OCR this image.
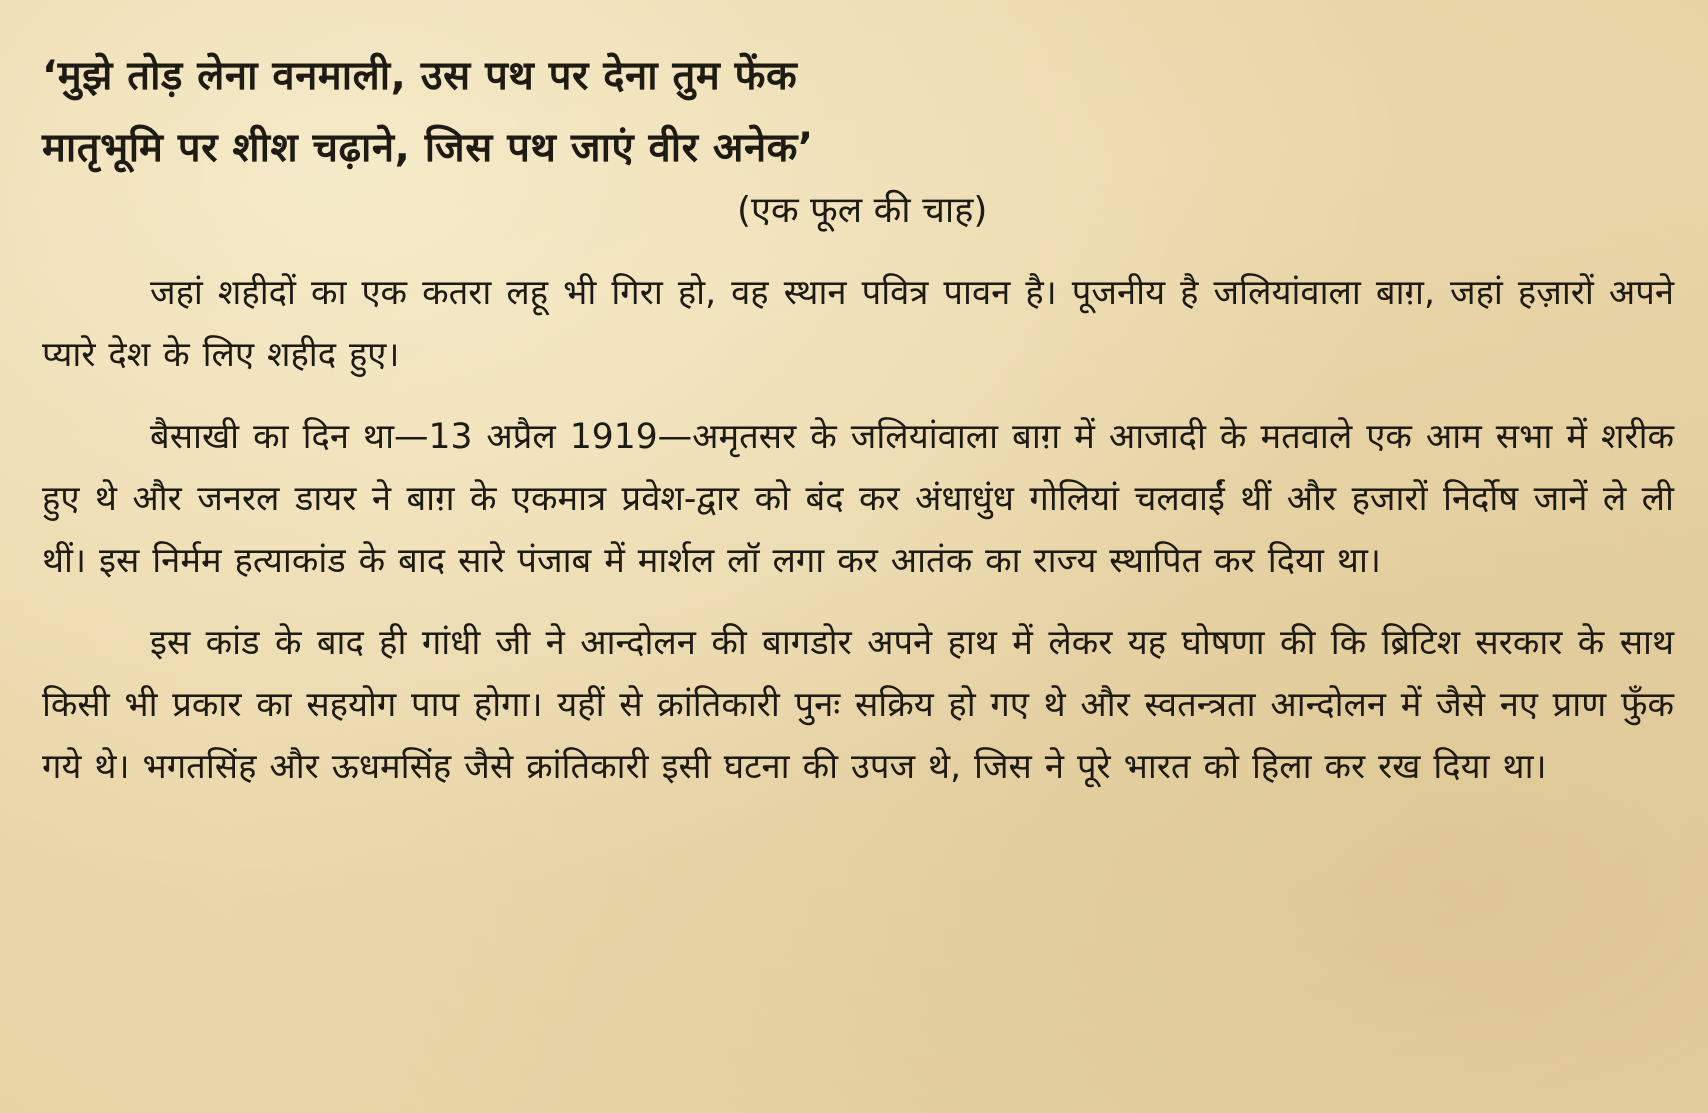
‘मुझे तोड़ लेना वनमाली, उस पथ पर देना तुम फेंक
मातृभूमि पर शीश चढ़ाने, जिस पथ जाएं वीर अनेक’
(एक फूल की चाह)

जहां शहीदों का एक कतरा लहू भी गिरा हो, वह स्थान पवित्र पावन है। पूजनीय है जलियांवाला बाग़, जहां हज़ारों अपने प्यारे देश के लिए शहीद हुए।

बैसाखी का दिन था—13 अप्रैल 1919—अमृतसर के जलियांवाला बाग़ में आजादी के मतवाले एक आम सभा में शरीक हुए थे और जनरल डायर ने बाग़ के एकमात्र प्रवेश-द्वार को बंद कर अंधाधुंध गोलियां चलवाईं थीं और हजारों निर्दोष जानें ले ली थीं। इस निर्मम हत्याकांड के बाद सारे पंजाब में मार्शल लॉ लगा कर आतंक का राज्य स्थापित कर दिया था।

इस कांड के बाद ही गांधी जी ने आन्दोलन की बागडोर अपने हाथ में लेकर यह घोषणा की कि ब्रिटिश सरकार के साथ किसी भी प्रकार का सहयोग पाप होगा। यहीं से क्रांतिकारी पुनः सक्रिय हो गए थे और स्वतन्त्रता आन्दोलन में जैसे नए प्राण फुँक गये थे। भगतसिंह और ऊधमसिंह जैसे क्रांतिकारी इसी घटना की उपज थे, जिस ने पूरे भारत को हिला कर रख दिया था।
